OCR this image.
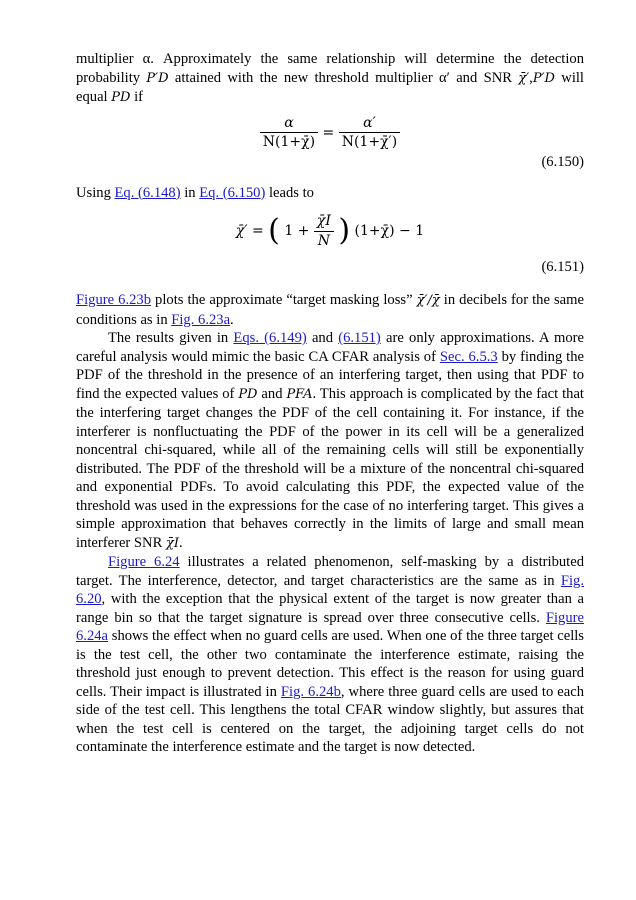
multiplier α. Approximately the same relationship will determine the detection probability P′D attained with the new threshold multiplier α′ and SNR χ̄′,P′D will equal PD if

$\frac{\alpha}{N(1+\chī)} = \frac{\alpha'}{N(1+\chī')}$
(6.150)

Using Eq. (6.148) in Eq. (6.150) leads to

χ̄′ = ( $1 + \frac{\chīI}{N}$ ) (1+χ̄) − 1
(6.151)

Figure 6.23b plots the approximate “target masking loss” χ̄′/χ̄ in decibels for the same conditions as in Fig. 6.23a.

The results given in Eqs. (6.149) and (6.151) are only approximations. A more careful analysis would mimic the basic CA CFAR analysis of Sec. 6.5.3 by finding the PDF of the threshold in the presence of an interfering target, then using that PDF to find the expected values of PD and PFA. This approach is complicated by the fact that the interfering target changes the PDF of the cell containing it. For instance, if the interferer is nonfluctuating the PDF of the power in its cell will be a generalized noncentral chi-squared, while all of the remaining cells will still be exponentially distributed. The PDF of the threshold will be a mixture of the noncentral chi-squared and exponential PDFs. To avoid calculating this PDF, the expected value of the threshold was used in the expressions for the case of no interfering target. This gives a simple approximation that behaves correctly in the limits of large and small mean interferer SNR χ̄I.

Figure 6.24 illustrates a related phenomenon, self-masking by a distributed target. The interference, detector, and target characteristics are the same as in Fig. 6.20, with the exception that the physical extent of the target is now greater than a range bin so that the target signature is spread over three consecutive cells. Figure 6.24a shows the effect when no guard cells are used. When one of the three target cells is the test cell, the other two contaminate the interference estimate, raising the threshold just enough to prevent detection. This effect is the reason for using guard cells. Their impact is illustrated in Fig. 6.24b, where three guard cells are used to each side of the test cell. This lengthens the total CFAR window slightly, but assures that when the test cell is centered on the target, the adjoining target cells do not contaminate the interference estimate and the target is now detected.
